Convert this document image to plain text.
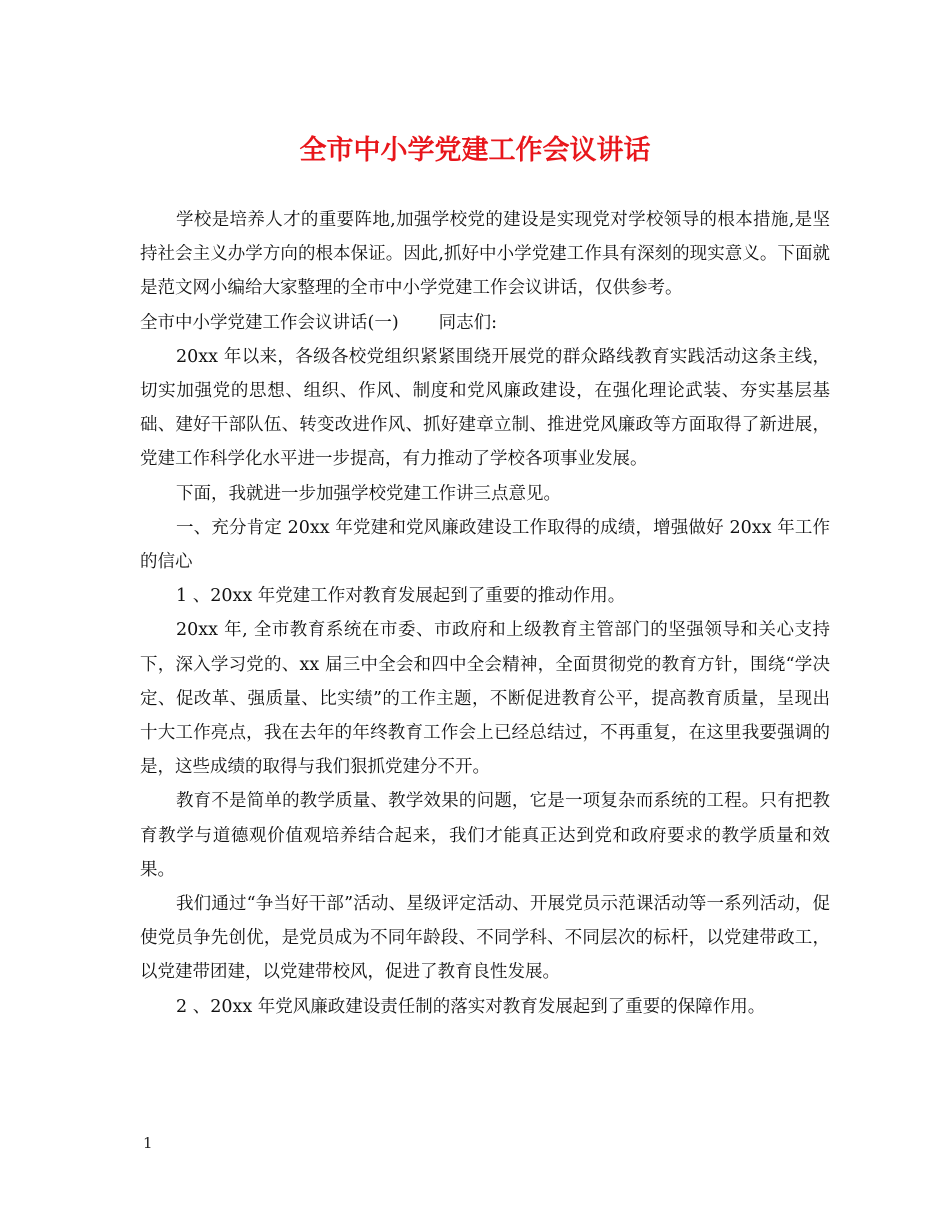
全市中小学党建工作会议讲话

学校是培养人才的重要阵地,加强学校党的建设是实现党对学校领导的根本措施,是坚持社会主义办学方向的根本保证。因此,抓好中小学党建工作具有深刻的现实意义。下面就是范文网小编给大家整理的全市中小学党建工作会议讲话，仅供参考。

全市中小学党建工作会议讲话(一) 同志们:

20xx 年以来，各级各校党组织紧紧围绕开展党的群众路线教育实践活动这条主线，切实加强党的思想、组织、作风、制度和党风廉政建设，在强化理论武装、夯实基层基础、建好干部队伍、转变改进作风、抓好建章立制、推进党风廉政等方面取得了新进展，党建工作科学化水平进一步提高，有力推动了学校各项事业发展。

下面，我就进一步加强学校党建工作讲三点意见。

一、充分肯定 20xx 年党建和党风廉政建设工作取得的成绩，增强做好 20xx 年工作的信心

1 、20xx 年党建工作对教育发展起到了重要的推动作用。

20xx 年, 全市教育系统在市委、市政府和上级教育主管部门的坚强领导和关心支持下，深入学习党的、xx 届三中全会和四中全会精神，全面贯彻党的教育方针，围绕“学决定、促改革、强质量、比实绩”的工作主题，不断促进教育公平，提高教育质量，呈现出十大工作亮点，我在去年的年终教育工作会上已经总结过，不再重复，在这里我要强调的是，这些成绩的取得与我们狠抓党建分不开。

教育不是简单的教学质量、教学效果的问题，它是一项复杂而系统的工程。只有把教育教学与道德观价值观培养结合起来，我们才能真正达到党和政府要求的教学质量和效果。

我们通过“争当好干部”活动、星级评定活动、开展党员示范课活动等一系列活动，促使党员争先创优，是党员成为不同年龄段、不同学科、不同层次的标杆，以党建带政工，以党建带团建，以党建带校风，促进了教育良性发展。

2 、20xx 年党风廉政建设责任制的落实对教育发展起到了重要的保障作用。

1
